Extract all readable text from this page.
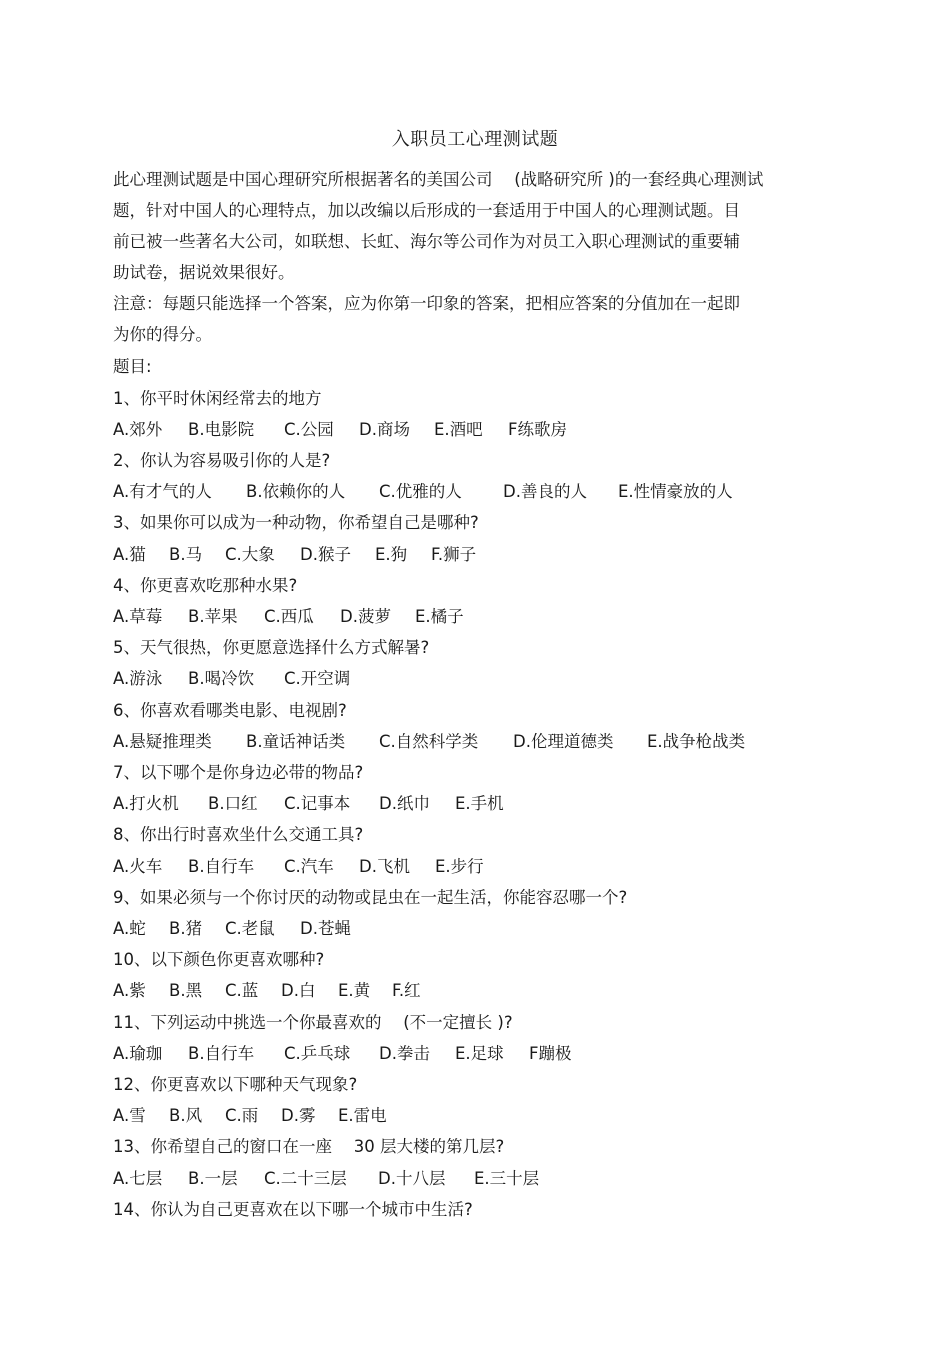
入职员工心理测试题
此心理测试题是中国心理研究所根据著名的美国公司　 (战略研究所 )的一套经典心理测试
题，针对中国人的心理特点，加以改编以后形成的一套适用于中国人的心理测试题。目
前已被一些著名大公司，如联想、长虹、海尔等公司作为对员工入职心理测试的重要辅
助试卷，据说效果很好。
注意：每题只能选择一个答案，应为你第一印象的答案，把相应答案的分值加在一起即
为你的得分。
题目:
1、你平时休闲经常去的地方
A.郊外 B.电影院 C.公园 D.商场 E.酒吧 F练歌房
2、你认为容易吸引你的人是?
A.有才气的人 B.依赖你的人 C.优雅的人 D.善良的人 E.性情豪放的人
3、如果你可以成为一种动物，你希望自己是哪种?
A.猫 B.马 C.大象 D.猴子 E.狗 F.狮子
4、你更喜欢吃那种水果?
A.草莓 B.苹果 C.西瓜 D.菠萝 E.橘子
5、天气很热，你更愿意选择什么方式解暑?
A.游泳 B.喝冷饮 C.开空调
6、你喜欢看哪类电影、电视剧?
A.悬疑推理类 B.童话神话类 C.自然科学类 D.伦理道德类 E.战争枪战类
7、以下哪个是你身边必带的物品?
A.打火机 B.口红 C.记事本 D.纸巾 E.手机
8、你出行时喜欢坐什么交通工具?
A.火车 B.自行车 C.汽车 D.飞机 E.步行
9、如果必须与一个你讨厌的动物或昆虫在一起生活，你能容忍哪一个?
A.蛇 B.猪 C.老鼠 D.苍蝇
10、以下颜色你更喜欢哪种?
A.紫 B.黑 C.蓝 D.白 E.黄 F.红
11、下列运动中挑选一个你最喜欢的　 (不一定擅长 )?
A.瑜珈 B.自行车 C.乒乓球 D.拳击 E.足球 F蹦极
12、你更喜欢以下哪种天气现象?
A.雪 B.风 C.雨 D.雾 E.雷电
13、你希望自己的窗口在一座　 30 层大楼的第几层?
A.七层 B.一层 C.二十三层 D.十八层 E.三十层
14、你认为自己更喜欢在以下哪一个城市中生活?
